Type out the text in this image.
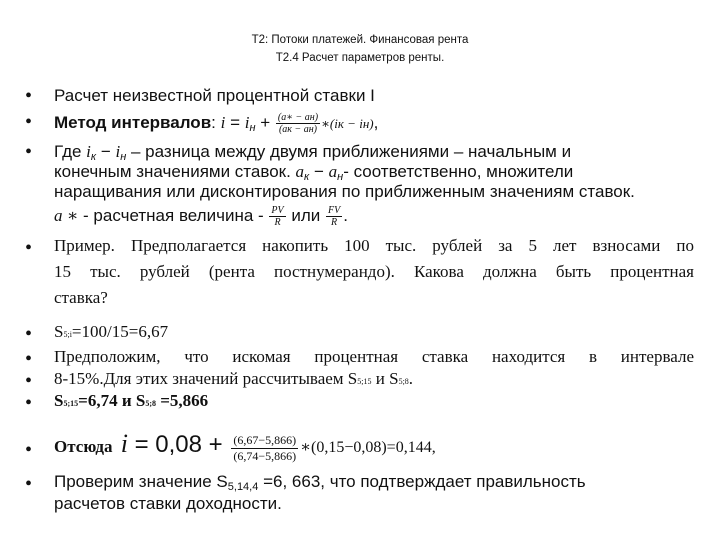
Т2: Потоки платежей. Финансовая рента
Т2.4 Расчет параметров ренты.
• Расчет неизвестной процентной ставки I
• Метод интервалов: $i = i_н + \frac{(a∗ - aн)}{(aк - aн)}$ ∗(iк − iн),
• Где $i_к - i_н$ – разница между двумя приближениями – начальным и
конечным значениями ставок. $a_к - a_н-$ соответственно, множители
наращивания или дисконтирования по приближенным значениям ставок.
a ∗ - расчетная величина - $\frac{PV}{R}$ или $\frac{FV}{R}$ .
• Пример. Предполагается накопить 100 тыс. рублей за 5 лет взносами по
15 тыс. рублей (рента постнумерандо). Какова должна быть процентная
ставка?
• S5;i=100/15=6,67
• Предположим, что искомая процентная ставка находится в интервале
• 8-15%.Для этих значений рассчитываем S5;15 и S5;8.
• S5;15=6,74 и S5;8 =5,866
• Отсюда $i = 0,08 + \frac{(6,67-5,866)}{(6,74-5,866)}$ ∗(0,15−0,08)=0,144,
• Проверим значение $S_{5,14,4} =6$, 663, что подтверждает правильность
расчетов ставки доходности.
